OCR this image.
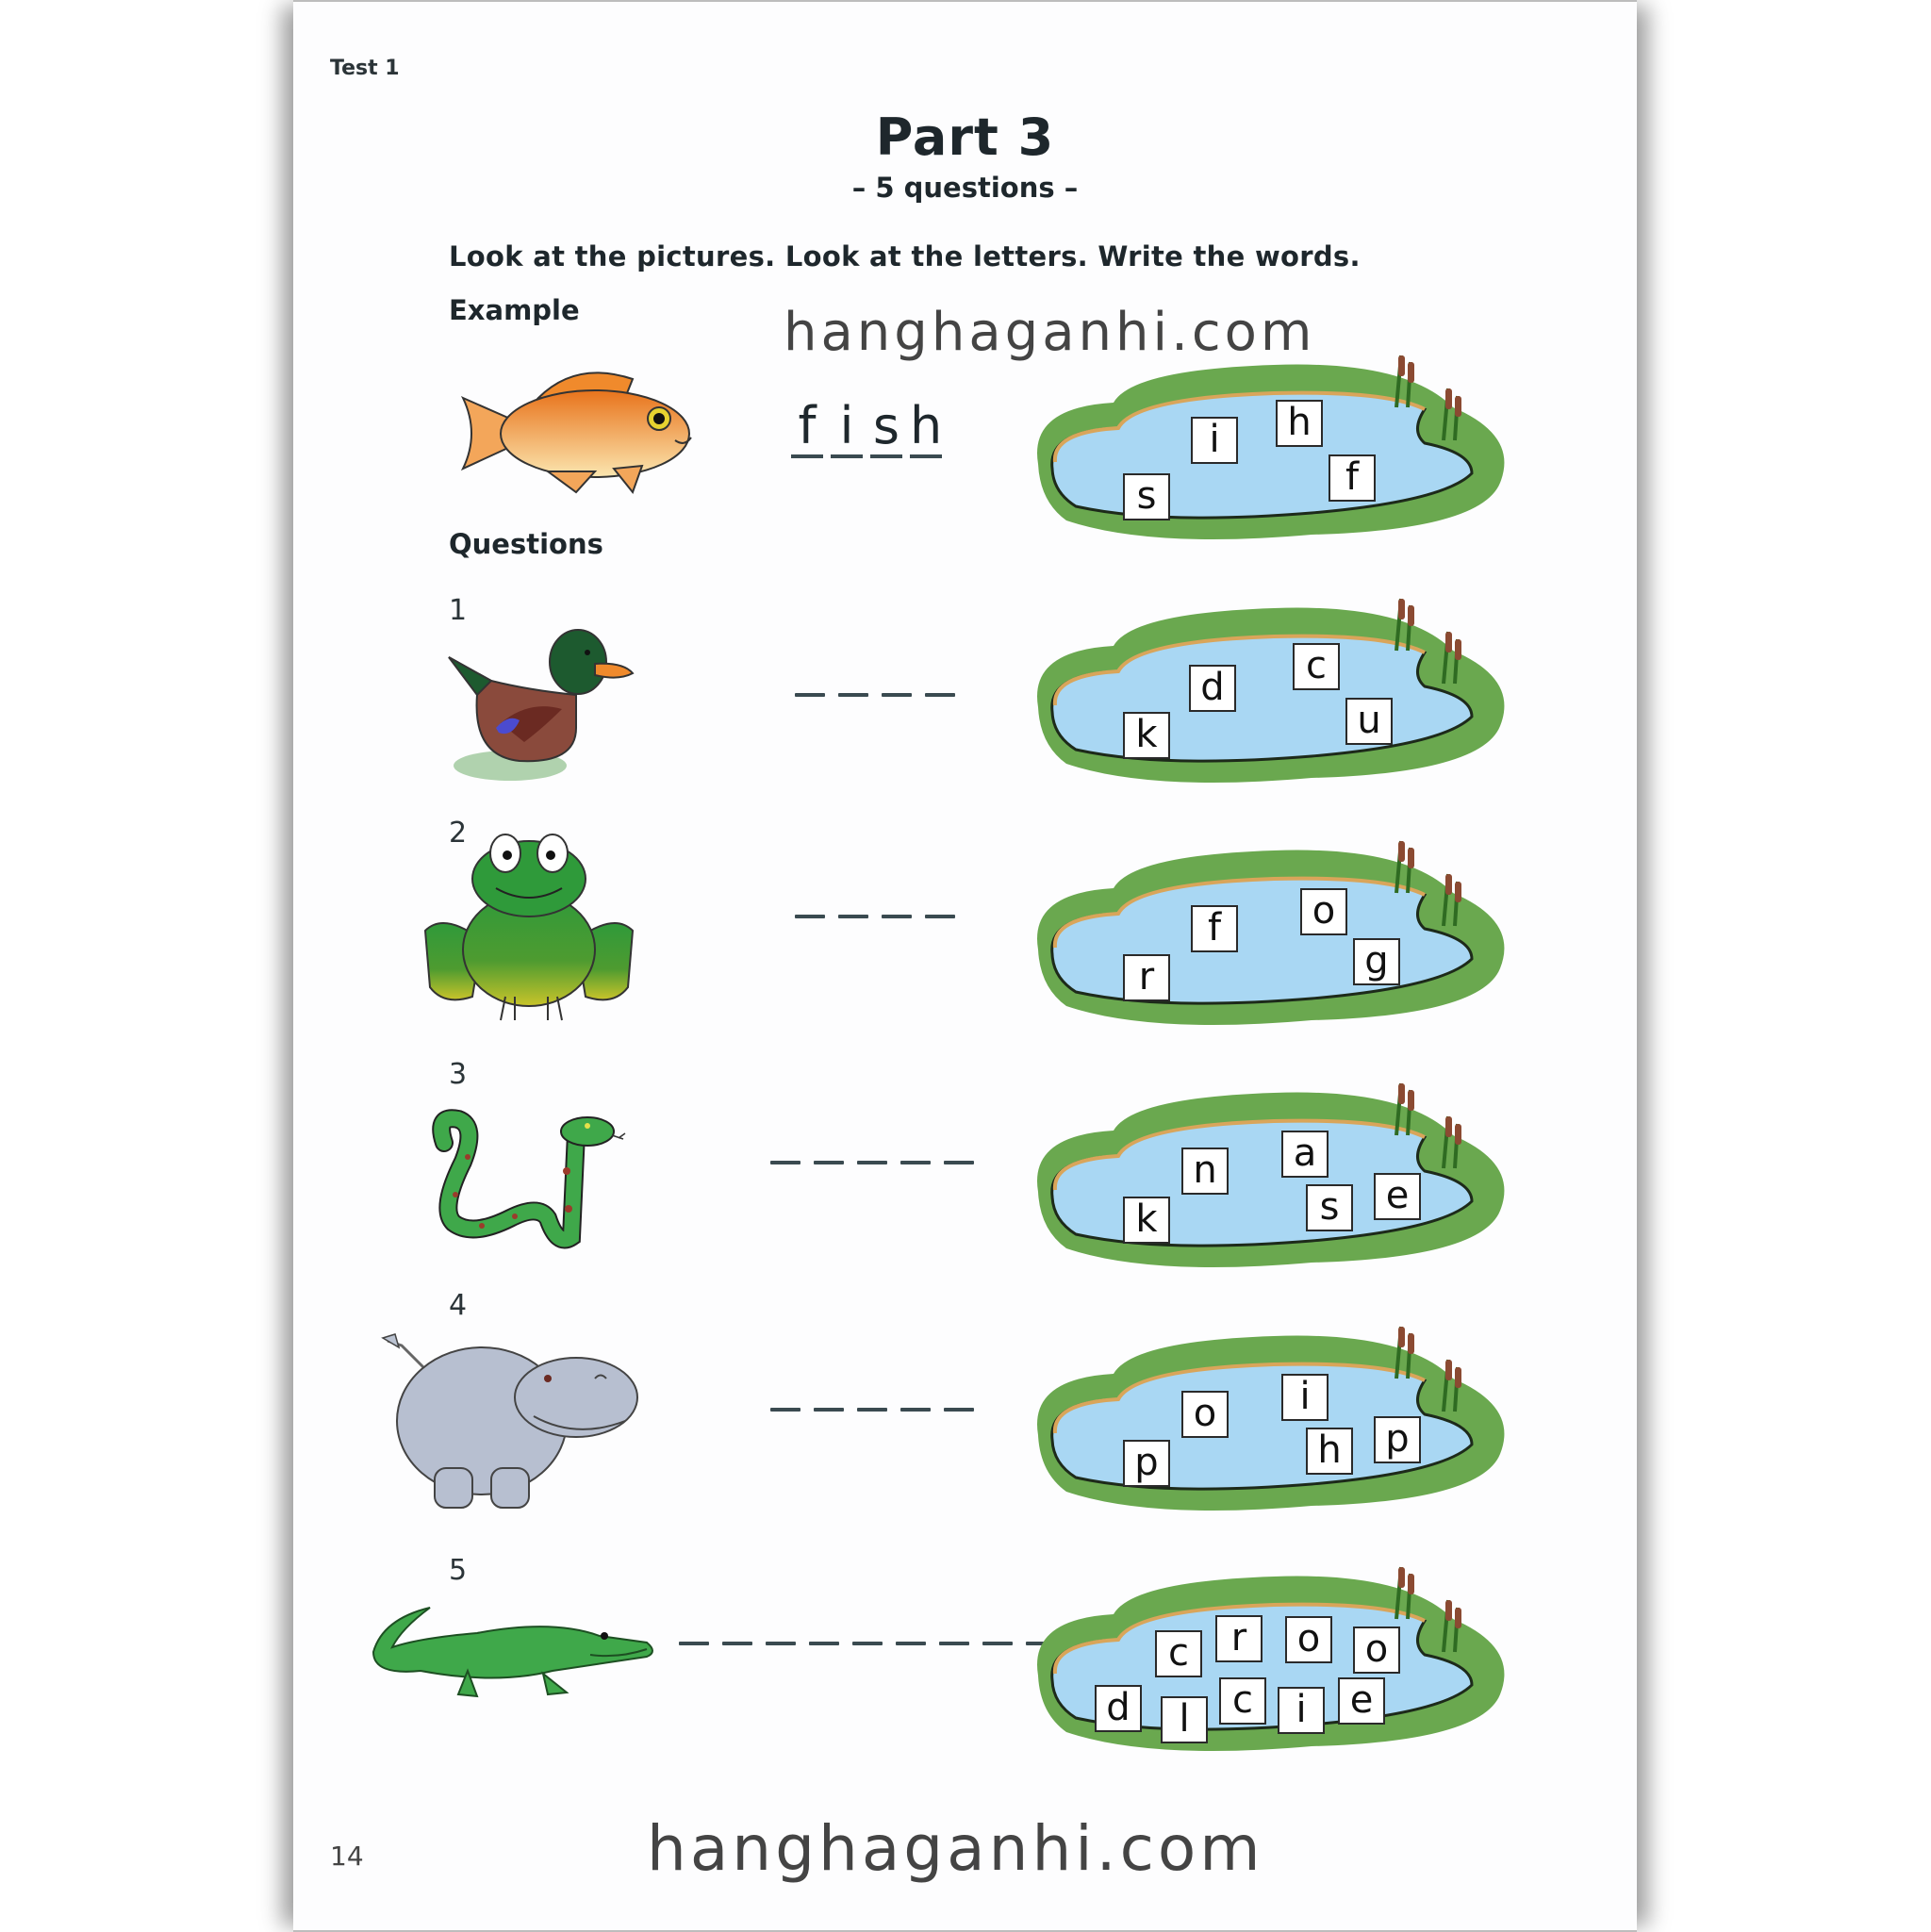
Test 1
Part 3
– 5 questions –
Look at the pictures. Look at the letters. Write the words.
Example	hanghaganhi.com
f i s h
s
i	h
f
Questions
1
k
d	c
u
2
r
f	o
g
3
k
n	a
s	e
4
p
o	i
h	p
5
c	r	o	o
d	l	c	i	e
14	hanghaganhi.com
